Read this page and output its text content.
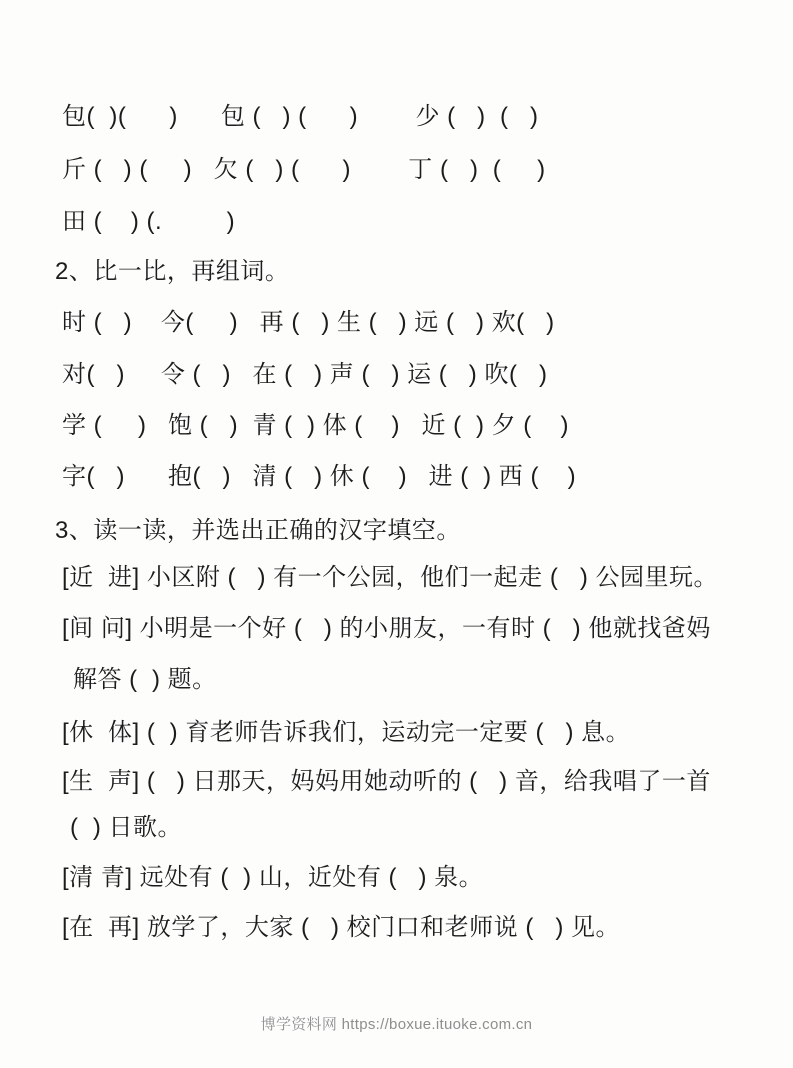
包(  )(      )      包 (   ) (      )        少 (   )  (   )
斤 (   ) (     )   欠 (   ) (      )        丁 (   )  (     )
田 (    ) (.         )
2、比一比，再组词。
时 (   )    今(     )   再 (   ) 生 (   ) 远 (   ) 欢(   )
对(   )     令 (   )   在 (   ) 声 (   ) 运 (   ) 吹(   )
学 (     )   饱 (   )  青 (  ) 体 (    )   近 (  ) 夕 (    )
字(   )      抱(   )   清 (   ) 休 (    )   进 (  ) 西 (    )
3、读一读，并选出正确的汉字填空。
[近  进] 小区附 (   ) 有一个公园，他们一起走 (   ) 公园里玩。
[间 问] 小明是一个好 (   ) 的小朋友，一有时 (   ) 他就找爸妈
解答 (  ) 题。
[休  体] (  ) 育老师告诉我们，运动完一定要 (   ) 息。
[生  声] (   ) 日那天，妈妈用她动听的 (   ) 音，给我唱了一首
(  ) 日歌。
[清 青] 远处有 (  ) 山，近处有 (   ) 泉。
[在  再] 放学了，大家 (   ) 校门口和老师说 (   ) 见。
博学资料网 https://boxue.ituoke.com.cn
